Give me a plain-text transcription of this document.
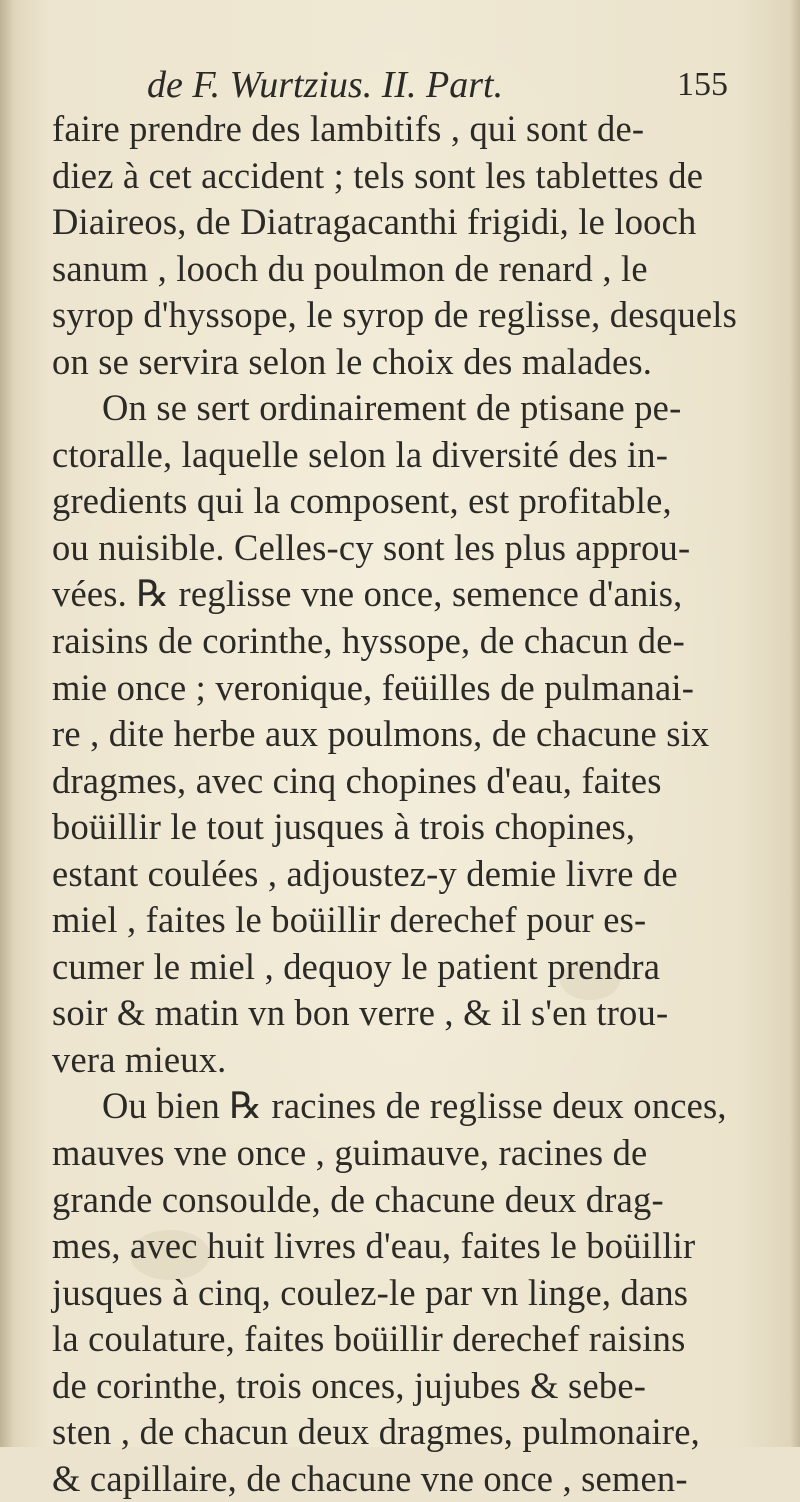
de F. Wurtzius. II. Part.	155
faire prendre des lambitifs , qui sont de-
diez à cet accident ; tels sont les tablettes de
Diaireos, de Diatragacanthi frigidi, le looch
sanum , looch du poulmon de renard , le
syrop d'hyssope, le syrop de reglisse, desquels
on se servira selon le choix des malades.
On se sert ordinairement de ptisane pe-
ctoralle, laquelle selon la diversité des in-
gredients qui la composent, est profitable,
ou nuisible. Celles-cy sont les plus approu-
vées. ℞ reglisse vne once, semence d'anis,
raisins de corinthe, hyssope, de chacun de-
mie once ; veronique, feüilles de pulmanai-
re , dite herbe aux poulmons, de chacune six
dragmes, avec cinq chopines d'eau, faites
boüillir le tout jusques à trois chopines,
estant coulées , adjoustez-y demie livre de
miel , faites le boüillir derechef pour es-
cumer le miel , dequoy le patient prendra
soir & matin vn bon verre , & il s'en trou-
vera mieux.
Ou bien ℞ racines de reglisse deux onces,
mauves vne once , guimauve, racines de
grande consoulde, de chacune deux drag-
mes, avec huit livres d'eau, faites le boüillir
jusques à cinq, coulez-le par vn linge, dans
la coulature, faites boüillir derechef raisins
de corinthe, trois onces, jujubes & sebe-
sten , de chacun deux dragmes, pulmonaire,
& capillaire, de chacune vne once , semen-
